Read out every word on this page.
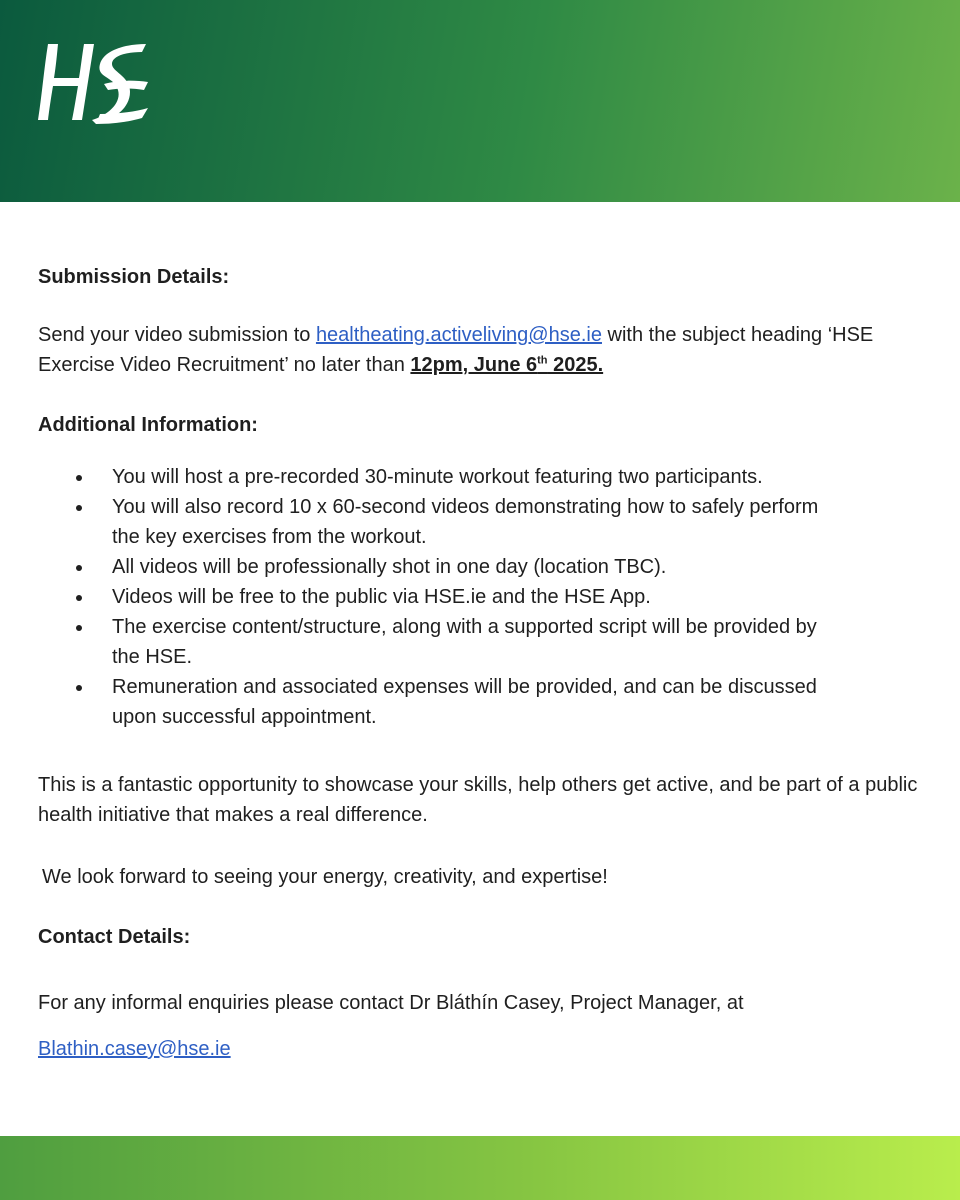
Submission Details:
Send your video submission to healtheating.activeliving@hse.ie with the subject heading ‘HSE Exercise Video Recruitment’ no later than 12pm, June 6th 2025.
Additional Information:
You will host a pre-recorded 30-minute workout featuring two participants.
You will also record 10 x 60-second videos demonstrating how to safely perform the key exercises from the workout.
All videos will be professionally shot in one day (location TBC).
Videos will be free to the public via HSE.ie and the HSE App.
The exercise content/structure, along with a supported script will be provided by the HSE.
Remuneration and associated expenses will be provided, and can be discussed upon successful appointment.
This is a fantastic opportunity to showcase your skills, help others get active, and be part of a public health initiative that makes a real difference.
We look forward to seeing your energy, creativity, and expertise!
Contact Details:
For any informal enquiries please contact Dr Bláthín Casey, Project Manager, at
Blathin.casey@hse.ie
